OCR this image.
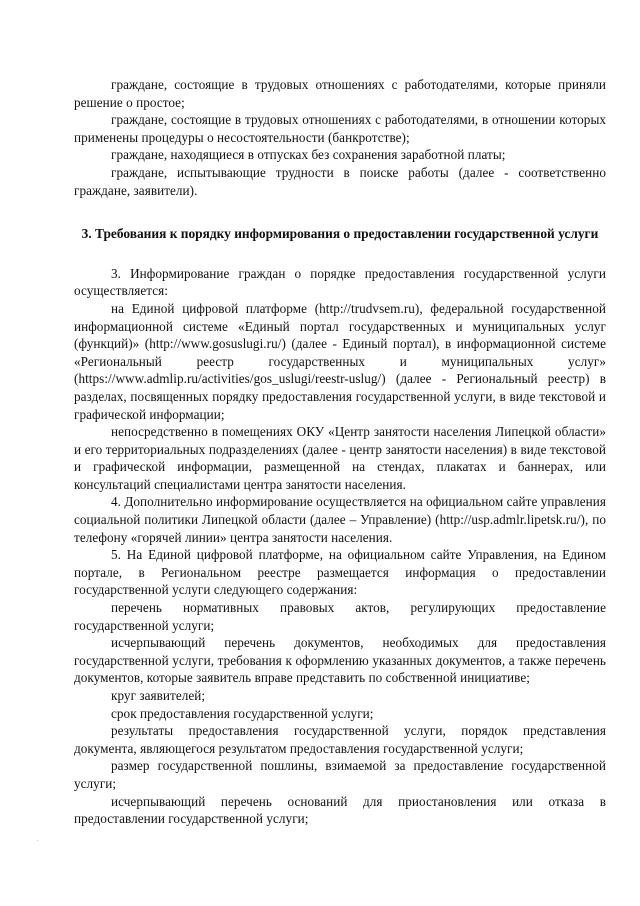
граждане, состоящие в трудовых отношениях с работодателями, которые приняли решение о простое;

граждане, состоящие в трудовых отношениях с работодателями, в отношении которых применены процедуры о несостоятельности (банкротстве);

граждане, находящиеся в отпусках без сохранения заработной платы;

граждане, испытывающие трудности в поиске работы (далее - соответственно граждане, заявители).

3. Требования к порядку информирования о предоставлении государственной услуги

3. Информирование граждан о порядке предоставления государственной услуги осуществляется:

на Единой цифровой платформе (http://trudvsem.ru), федеральной государственной информационной системе «Единый портал государственных и муниципальных услуг (функций)» (http://www.gosuslugi.ru/) (далее - Единый портал), в информационной системе «Региональный реестр государственных и муниципальных услуг» (https://www.admlip.ru/activities/gos_uslugi/reestr-uslug/) (далее - Региональный реестр) в разделах, посвященных порядку предоставления государственной услуги, в виде текстовой и графической информации;

непосредственно в помещениях ОКУ «Центр занятости населения Липецкой области» и его территориальных подразделениях (далее - центр занятости населения) в виде текстовой и графической информации, размещенной на стендах, плакатах и баннерах, или консультаций специалистами центра занятости населения.

4. Дополнительно информирование осуществляется на официальном сайте управления социальной политики Липецкой области (далее – Управление) (http://usp.admlr.lipetsk.ru/), по телефону «горячей линии» центра занятости населения.

5. На Единой цифровой платформе, на официальном сайте Управления, на Едином портале, в Региональном реестре размещается информация о предоставлении государственной услуги следующего содержания:

перечень нормативных правовых актов, регулирующих предоставление государственной услуги;

исчерпывающий перечень документов, необходимых для предоставления государственной услуги, требования к оформлению указанных документов, а также перечень документов, которые заявитель вправе представить по собственной инициативе;

круг заявителей;

срок предоставления государственной услуги;

результаты предоставления государственной услуги, порядок представления документа, являющегося результатом предоставления государственной услуги;

размер государственной пошлины, взимаемой за предоставление государственной услуги;

исчерпывающий перечень оснований для приостановления или отказа в предоставлении государственной услуги;
